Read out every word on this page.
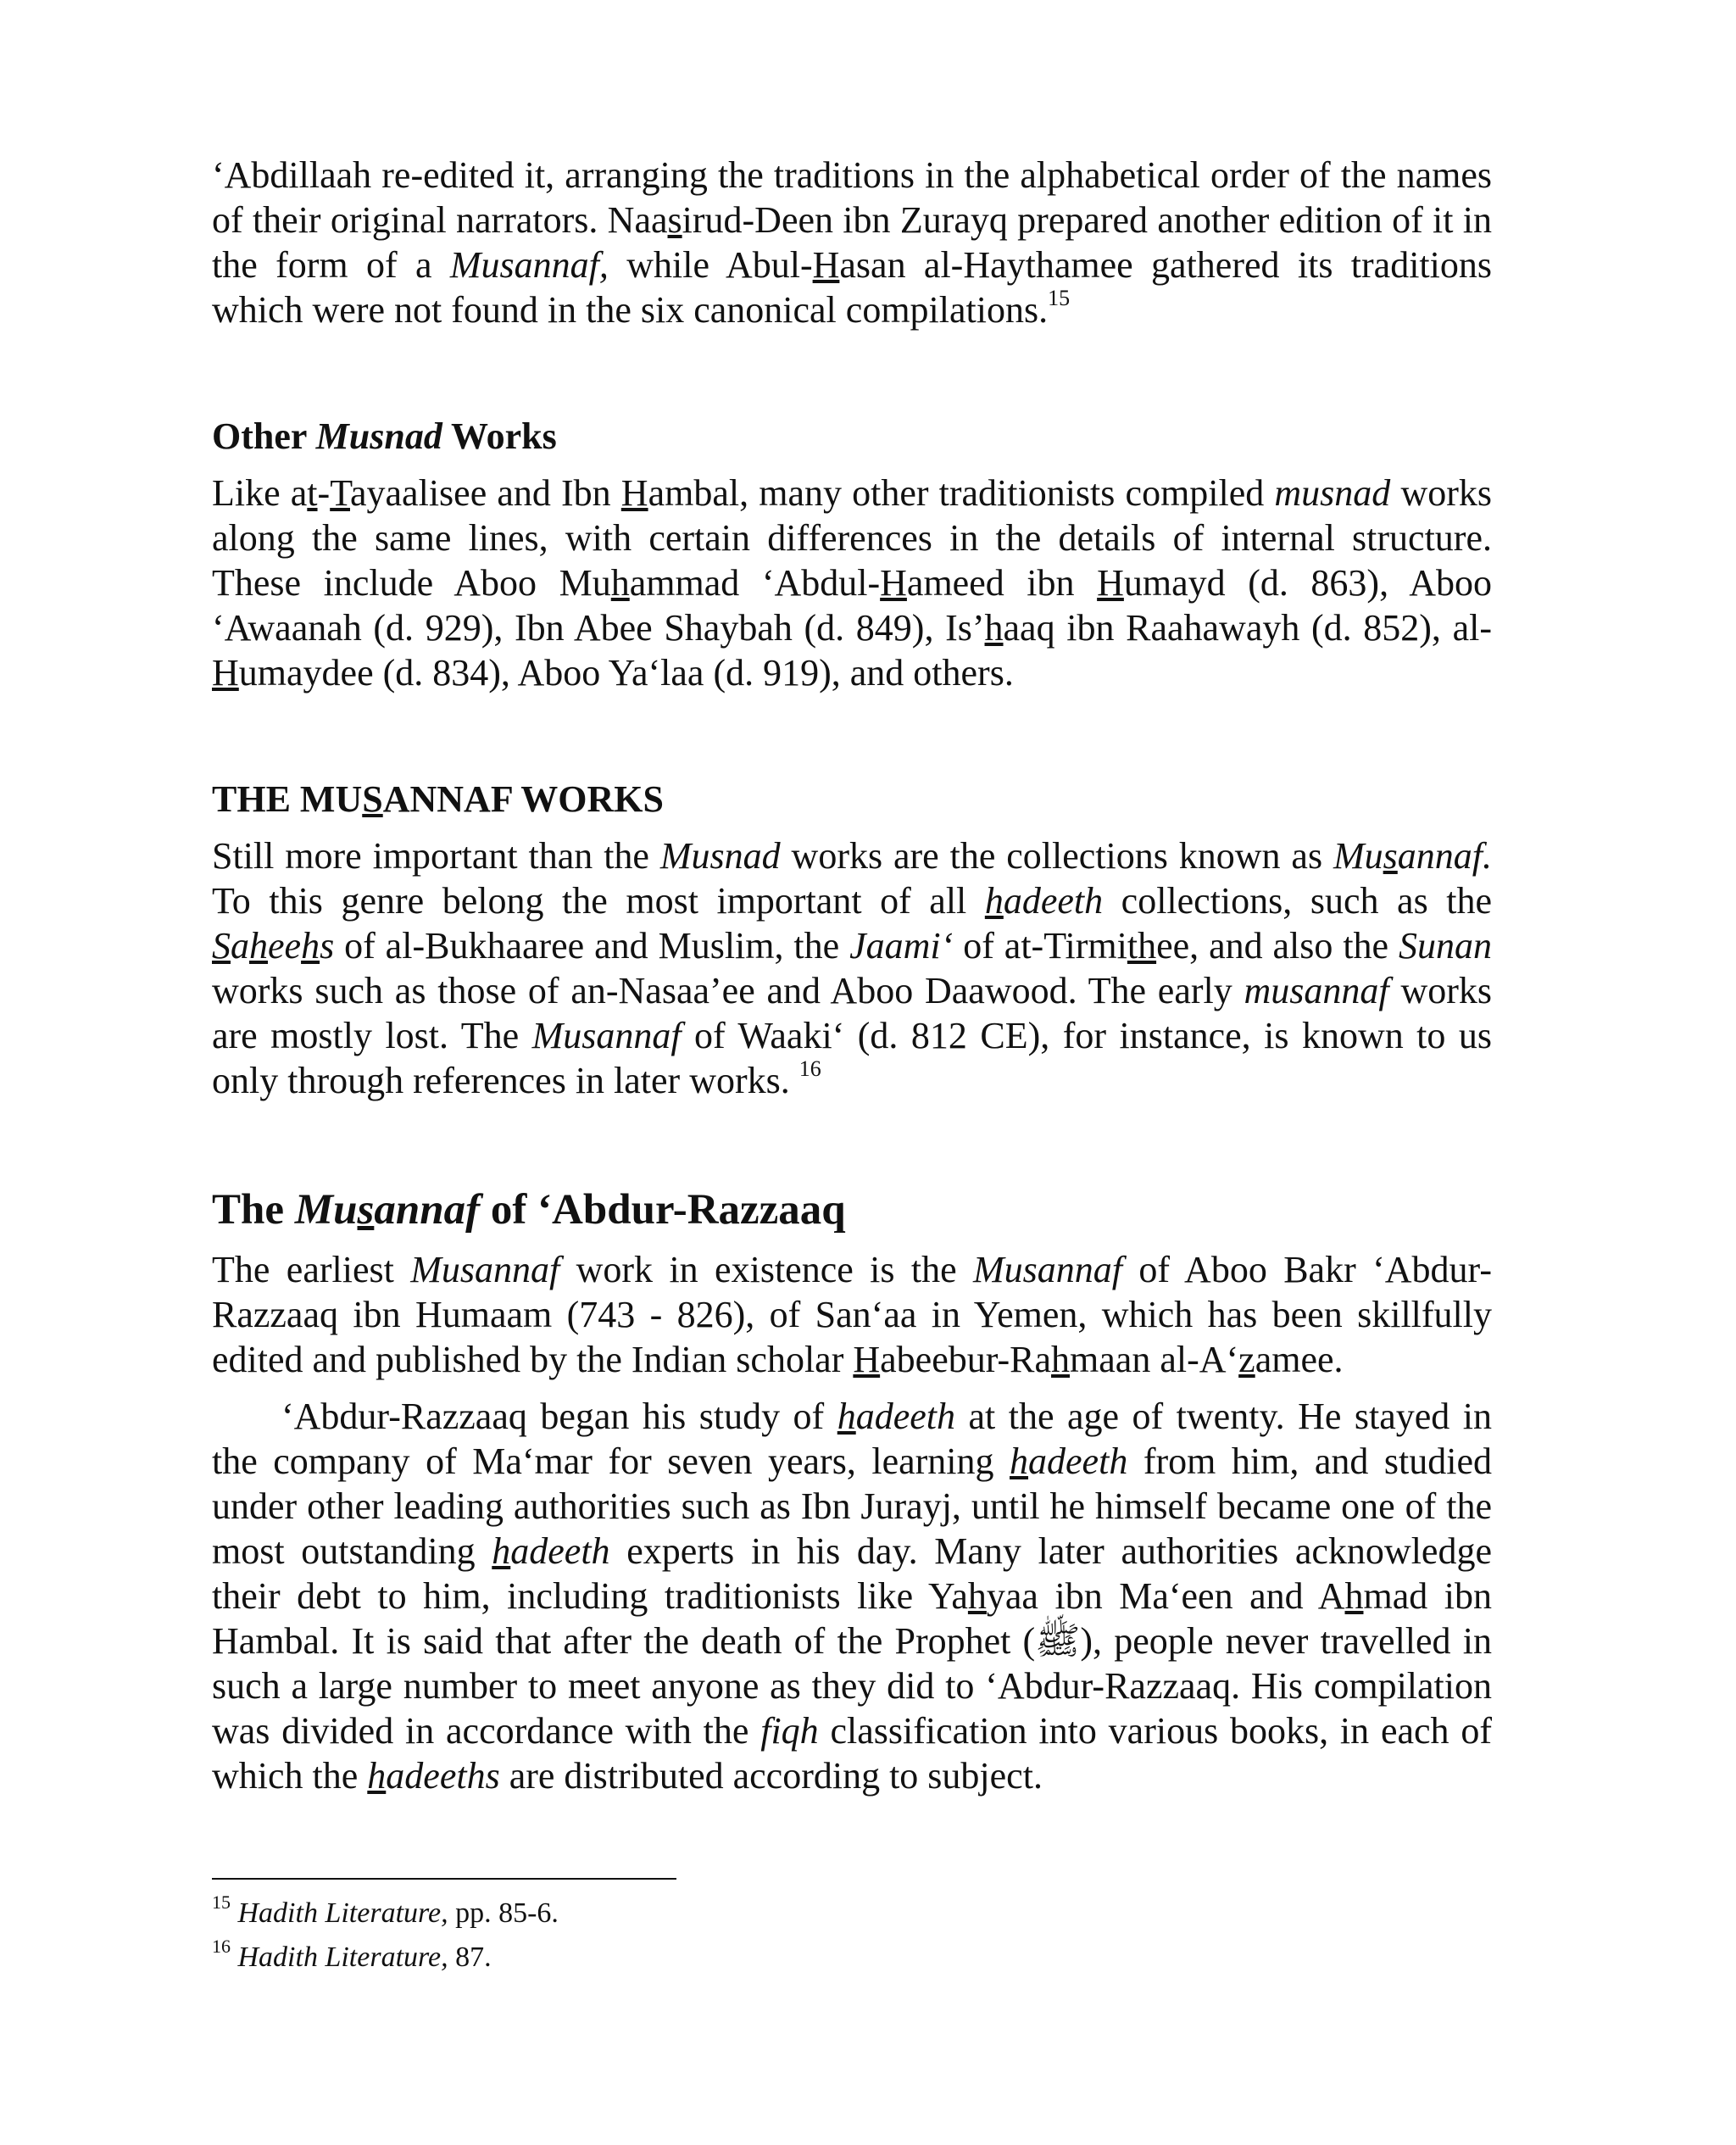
‘Abdillaah re-edited it, arranging the traditions in the alphabetical order of the names of their original narrators. Naasirud-Deen ibn Zurayq prepared another edition of it in the form of a Musannaf, while Abul-Hasan al-Haythamee gathered its traditions which were not found in the six canonical compilations.$^{15}$

Other Musnad Works

Like at-Tayaalisee and Ibn Hambal, many other traditionists compiled musnad works along the same lines, with certain differences in the details of internal structure. These include Aboo Muhammad ‘Abdul-Hameed ibn Humayd (d. 863), Aboo ‘Awaanah (d. 929), Ibn Abee Shaybah (d. 849), Is’haaq ibn Raahawayh (d. 852), al-Humaydee (d. 834), Aboo Ya‘laa (d. 919), and others.

THE MUSANNAF WORKS

Still more important than the Musnad works are the collections known as Musannaf. To this genre belong the most important of all hadeeth collections, such as the Saheehs of al-Bukhaaree and Muslim, the Jaami‘ of at-Tirmithee, and also the Sunan works such as those of an-Nasaa’ee and Aboo Daawood. The early musannaf works are mostly lost. The Musannaf of Waaki‘ (d. 812 CE), for instance, is known to us only through references in later works. $^{16}$

The Musannaf of ‘Abdur-Razzaaq

The earliest Musannaf work in existence is the Musannaf of Aboo Bakr ‘Abdur-Razzaaq ibn Humaam (743 - 826), of San‘aa in Yemen, which has been skillfully edited and published by the Indian scholar Habeebur-Rahmaan al-A‘zamee.

‘Abdur-Razzaaq began his study of hadeeth at the age of twenty. He stayed in the company of Ma‘mar for seven years, learning hadeeth from him, and studied under other leading authorities such as Ibn Jurayj, until he himself became one of the most outstanding hadeeth experts in his day. Many later authorities acknowledge their debt to him, including traditionists like Yahyaa ibn Ma‘een and Ahmad ibn Hambal. It is said that after the death of the Prophet (ﷺ), people never travelled in such a large number to meet anyone as they did to ‘Abdur-Razzaaq. His compilation was divided in accordance with the fiqh classification into various books, in each of which the hadeeths are distributed according to subject.

$^{15}$ Hadith Literature, pp. 85-6.

$^{16}$ Hadith Literature, 87.
